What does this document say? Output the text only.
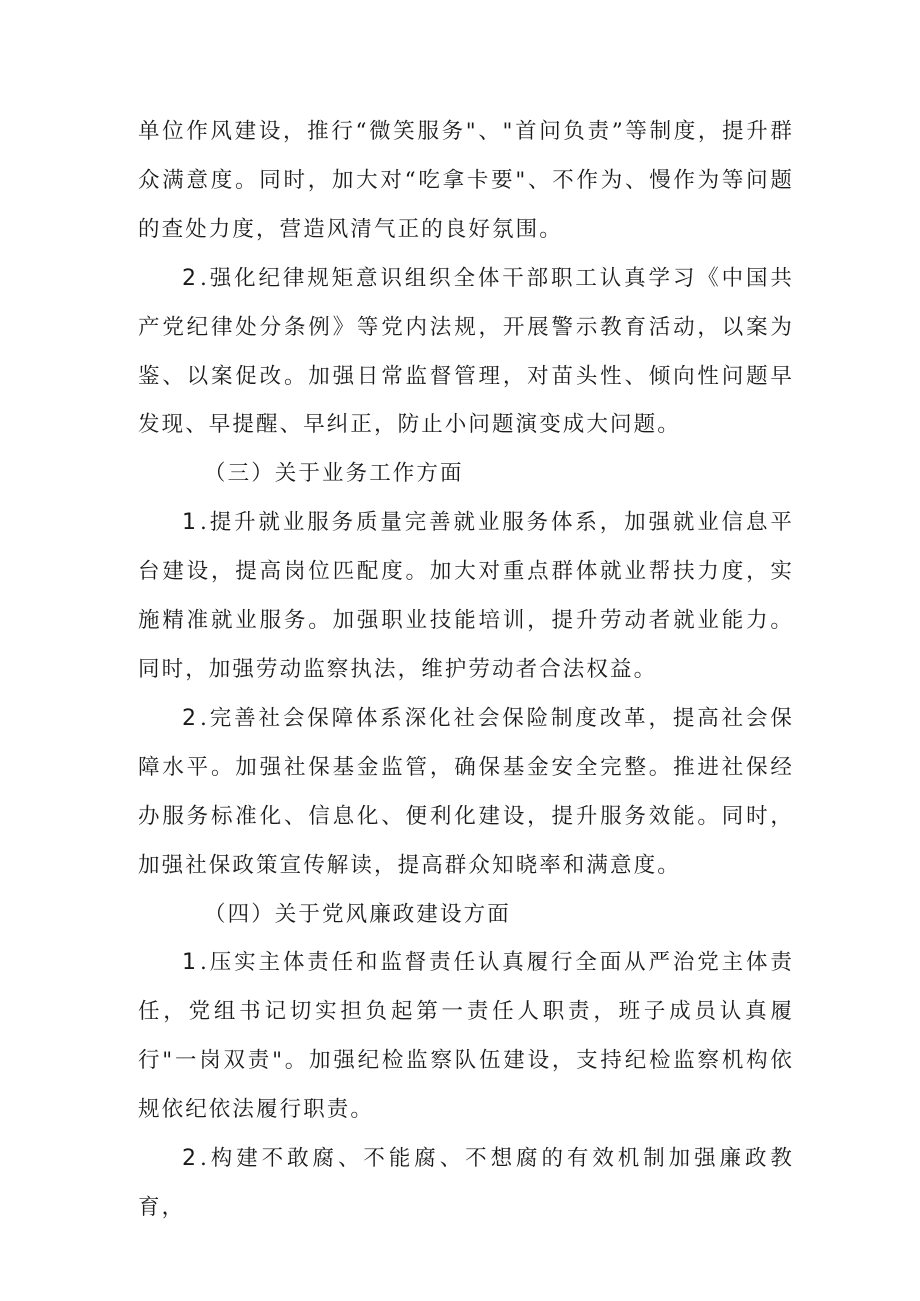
单位作风建设，推行“微笑服务"、"首问负责”等制度，提升群众满意度。同时，加大对“吃拿卡要"、不作为、慢作为等问题的查处力度，营造风清气正的良好氛围。

2 .强化纪律规矩意识组织全体干部职工认真学习《中国共产党纪律处分条例》等党内法规，开展警示教育活动，以案为鉴、以案促改。加强日常监督管理，对苗头性、倾向性问题早发现、早提醒、早纠正，防止小问题演变成大问题。

（三）关于业务工作方面

1 .提升就业服务质量完善就业服务体系，加强就业信息平台建设，提高岗位匹配度。加大对重点群体就业帮扶力度，实施精准就业服务。加强职业技能培训，提升劳动者就业能力。同时，加强劳动监察执法，维护劳动者合法权益。

2 .完善社会保障体系深化社会保险制度改革，提高社会保障水平。加强社保基金监管，确保基金安全完整。推进社保经办服务标准化、信息化、便利化建设，提升服务效能。同时，加强社保政策宣传解读，提高群众知晓率和满意度。

（四）关于党风廉政建设方面

1 .压实主体责任和监督责任认真履行全面从严治党主体责任，党组书记切实担负起第一责任人职责，班子成员认真履行"一岗双责"。加强纪检监察队伍建设，支持纪检监察机构依规依纪依法履行职责。

2 .构建不敢腐、不能腐、不想腐的有效机制加强廉政教育，
